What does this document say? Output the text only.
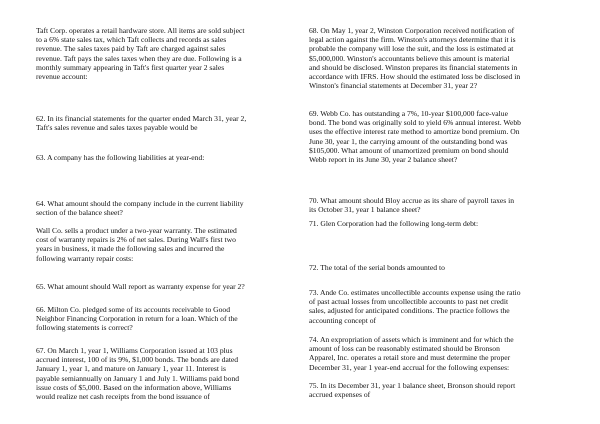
Taft Corp. operates a retail hardware store. All items are sold subject
to a 6% state sales tax, which Taft collects and records as sales
revenue. The sales taxes paid by Taft are charged against sales
revenue. Taft pays the sales taxes when they are due. Following is a
monthly summary appearing in Taft's first quarter year 2 sales
revenue account:

62. In its financial statements for the quarter ended March 31, year 2,
Taft's sales revenue and sales taxes payable would be

63. A company has the following liabilities at year-end:

64. What amount should the company include in the current liability
section of the balance sheet?

Wall Co. sells a product under a two-year warranty. The estimated
cost of warranty repairs is 2% of net sales. During Wall's first two
years in business, it made the following sales and incurred the
following warranty repair costs:

65. What amount should Wall report as warranty expense for year 2?

66. Milton Co. pledged some of its accounts receivable to Good
Neighbor Financing Corporation in return for a loan. Which of the
following statements is correct?

67. On March 1, year 1, Williams Corporation issued at 103 plus
accrued interest, 100 of its 9%, $1,000 bonds. The bonds are dated
January 1, year 1, and mature on January 1, year 11. Interest is
payable semiannually on January 1 and July 1. Williams paid bond
issue costs of $5,000. Based on the information above, Williams
would realize net cash receipts from the bond issuance of

68. On May 1, year 2, Winston Corporation received notification of
legal action against the firm. Winston's attorneys determine that it is
probable the company will lose the suit, and the loss is estimated at
$5,000,000. Winston's accountants believe this amount is material
and should be disclosed. Winston prepares its financial statements in
accordance with IFRS. How should the estimated loss be disclosed in
Winston's financial statements at December 31, year 2?

69. Webb Co. has outstanding a 7%, 10-year $100,000 face-value
bond. The bond was originally sold to yield 6% annual interest. Webb
uses the effective interest rate method to amortize bond premium. On
June 30, year 1, the carrying amount of the outstanding bond was
$105,000. What amount of unamortized premium on bond should
Webb report in its June 30, year 2 balance sheet?

70. What amount should Bloy accrue as its share of payroll taxes in
its October 31, year 1 balance sheet?

71. Glen Corporation had the following long-term debt:

72. The total of the serial bonds amounted to

73. Ande Co. estimates uncollectible accounts expense using the ratio
of past actual losses from uncollectible accounts to past net credit
sales, adjusted for anticipated conditions. The practice follows the
accounting concept of

74. An expropriation of assets which is imminent and for which the
amount of loss can be reasonably estimated should be Bronson
Apparel, Inc. operates a retail store and must determine the proper
December 31, year 1 year-end accrual for the following expenses:

75. In its December 31, year 1 balance sheet, Bronson should report
accrued expenses of
